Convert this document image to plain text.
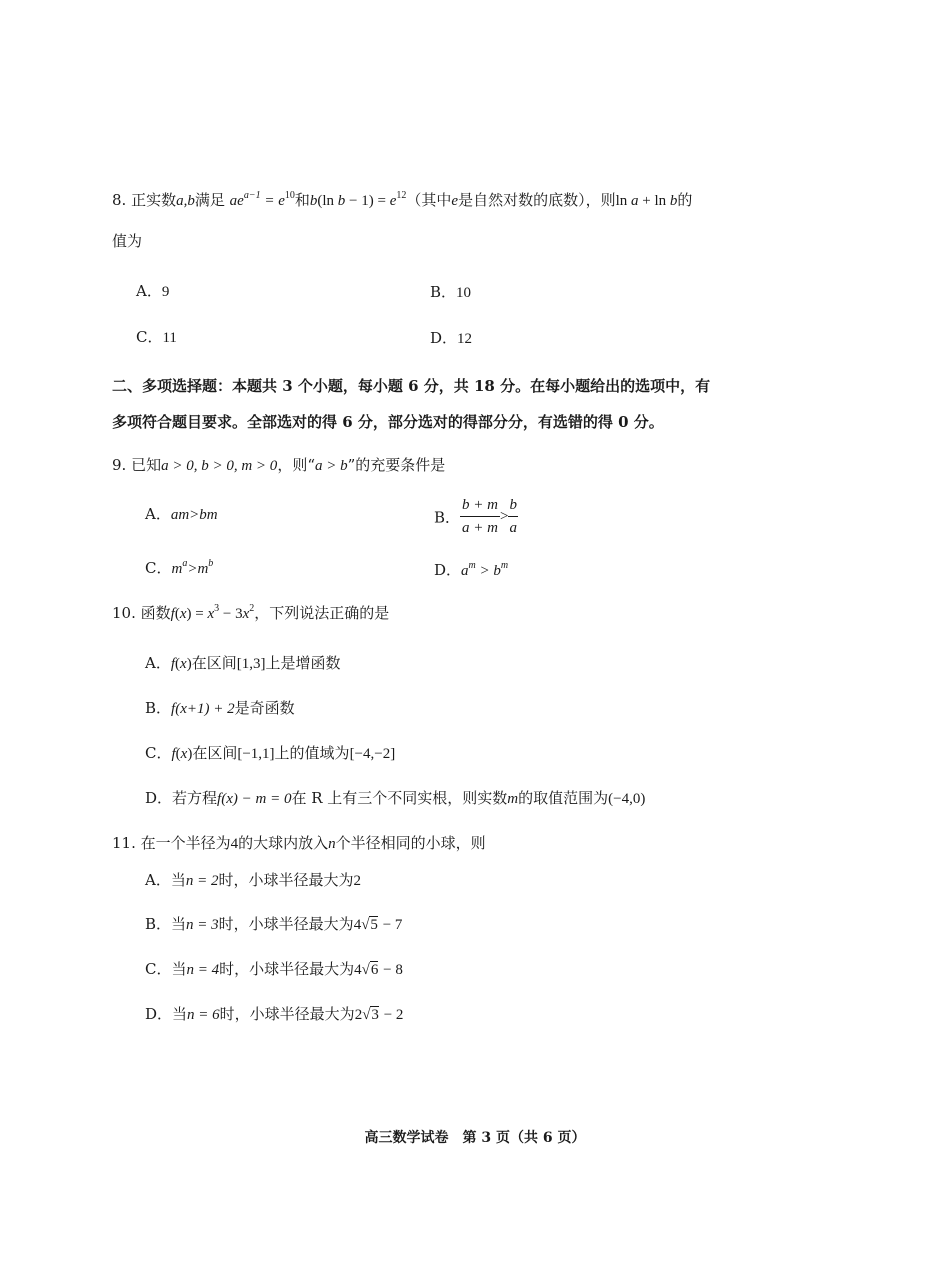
8. 正实数a,b满足 $ae^{a-1} = e^{10}$和b(ln $b - 1) = e^{12}$（其中e是自然对数的底数），则ln a + ln b的
值为
A．9	B．10
C．11	D．12
二、多项选择题：本题共 3 个小题，每小题 6 分，共 18 分。在每小题给出的选项中，有
多项符合题目要求。全部选对的得 6 分，部分选对的得部分分，有选错的得 0 分。
9. 已知a > 0, b > 0, m > 0，则“a > b”的充要条件是
A．am>bm	B． $\frac{b + m}{a + m} > \frac{b}{a}$
C．$m^a>m^b$	D．$a^m > b^m$
10. 函数$f(x) = x^3 - 3x^2$，下列说法正确的是
A．f(x)在区间[1,3]上是增函数
B．f(x+1) + 2是奇函数
C．f(x)在区间[−1,1]上的值域为[−4,−2]
D．若方程f(x) − m = 0在 R 上有三个不同实根，则实数m的取值范围为(−4,0)
11. 在一个半径为4的大球内放入n个半径相同的小球，则
A．当n = 2时，小球半径最大为2
B．当n = 3时，小球半径最大为4√5 − 7
C．当n = 4时，小球半径最大为4√6 − 8
D．当n = 6时，小球半径最大为2√3 − 2
高三数学试卷　第 3 页（共 6 页）
